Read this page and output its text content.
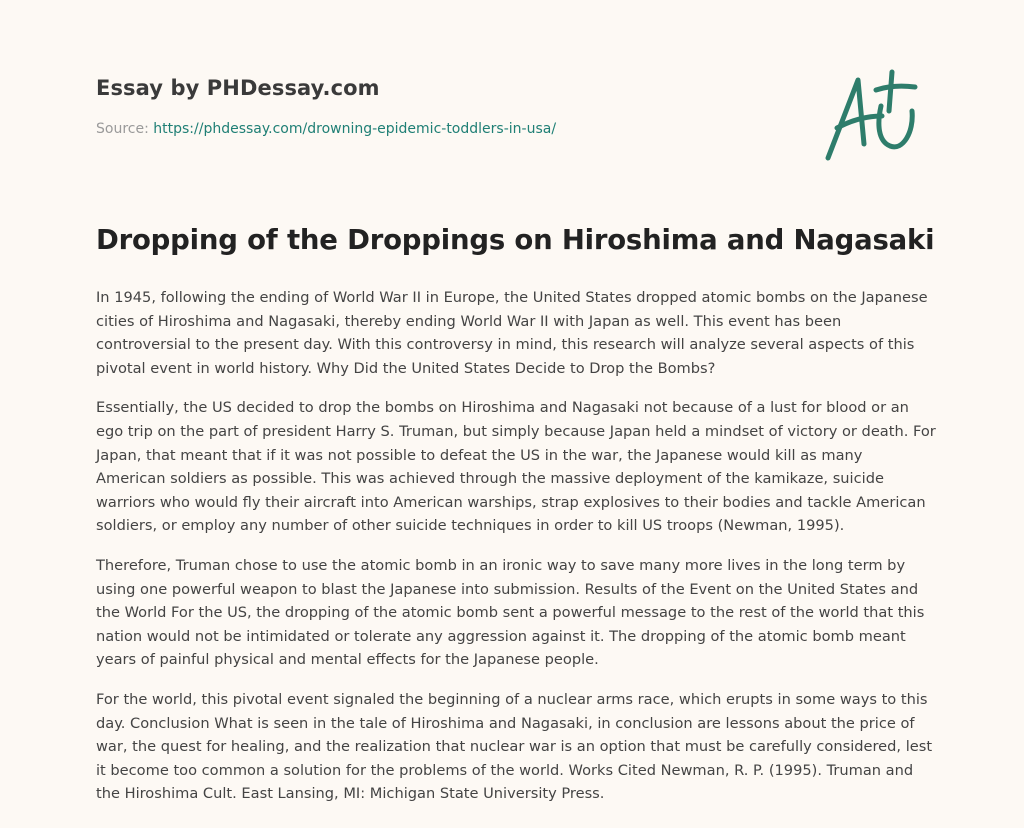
Essay by PHDessay.com
Source: https://phdessay.com/drowning-epidemic-toddlers-in-usa/
Dropping of the Droppings on Hiroshima and Nagasaki

In 1945, following the ending of World War II in Europe, the United States dropped atomic bombs on the Japanese cities of Hiroshima and Nagasaki, thereby ending World War II with Japan as well. This event has been controversial to the present day. With this controversy in mind, this research will analyze several aspects of this pivotal event in world history. Why Did the United States Decide to Drop the Bombs?

Essentially, the US decided to drop the bombs on Hiroshima and Nagasaki not because of a lust for blood or an ego trip on the part of president Harry S. Truman, but simply because Japan held a mindset of victory or death. For Japan, that meant that if it was not possible to defeat the US in the war, the Japanese would kill as many American soldiers as possible. This was achieved through the massive deployment of the kamikaze, suicide warriors who would fly their aircraft into American warships, strap explosives to their bodies and tackle American soldiers, or employ any number of other suicide techniques in order to kill US troops (Newman, 1995).

Therefore, Truman chose to use the atomic bomb in an ironic way to save many more lives in the long term by using one powerful weapon to blast the Japanese into submission. Results of the Event on the United States and the World For the US, the dropping of the atomic bomb sent a powerful message to the rest of the world that this nation would not be intimidated or tolerate any aggression against it. The dropping of the atomic bomb meant years of painful physical and mental effects for the Japanese people.

For the world, this pivotal event signaled the beginning of a nuclear arms race, which erupts in some ways to this day. Conclusion What is seen in the tale of Hiroshima and Nagasaki, in conclusion are lessons about the price of war, the quest for healing, and the realization that nuclear war is an option that must be carefully considered, lest it become too common a solution for the problems of the world. Works Cited Newman, R. P. (1995). Truman and the Hiroshima Cult. East Lansing, MI: Michigan State University Press.
